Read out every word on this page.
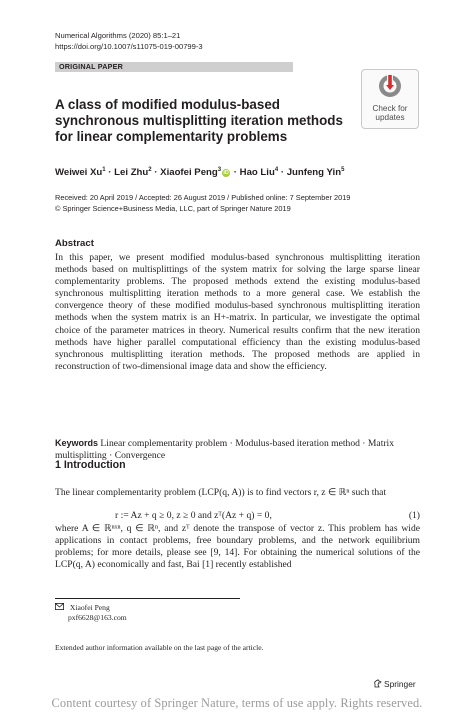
Numerical Algorithms (2020) 85:1–21
https://doi.org/10.1007/s11075-019-00799-3
ORIGINAL PAPER
Check for
updates
A class of modified modulus-based synchronous multisplitting iteration methods for linear complementarity problems
Weiwei $Xu^1$ · Lei Zhu$^2$ · Xiaofei Peng$^3$iD · Hao Liu$^4$ · Junfeng Yin$^5$
Received: 20 April 2019 / Accepted: 26 August 2019 / Published online: 7 September 2019
© Springer Science+Business Media, LLC, part of Springer Nature 2019
Abstract

In this paper, we present modified modulus-based synchronous multisplitting iteration methods based on multisplittings of the system matrix for solving the large sparse linear complementarity problems. The proposed methods extend the existing modulus-based synchronous multisplitting iteration methods to a more general case. We establish the convergence theory of these modified modulus-based synchronous multisplitting iteration methods when the system matrix is an H+-matrix. In particular, we investigate the optimal choice of the parameter matrices in theory. Numerical results confirm that the new iteration methods have higher parallel computational efficiency than the existing modulus-based synchronous multisplitting iteration methods. The proposed methods are applied in reconstruction of two-dimensional image data and show the efficiency.

Keywords Linear complementarity problem · Modulus-based iteration method · Matrix multisplitting · Convergence
1 Introduction

The linear complementarity problem (LCP(q, A)) is to find vectors r, z ∈ ℝⁿ such that

r := Az + q ≥ 0, z ≥ 0 and zᵀ(Az + q) = 0,	(1)

where A ∈ ℝⁿˣⁿ, q ∈ ℝⁿ, and zᵀ denote the transpose of vector z. This problem has wide applications in contact problems, free boundary problems, and the network equilibrium problems; for more details, please see [9, 14]. For obtaining the numerical solutions of the LCP(q, A) economically and fast, Bai [1] recently established

Xiaofei Peng
pxf6628@163.com
Extended author information available on the last page of the article.
Springer
Content courtesy of Springer Nature, terms of use apply. Rights reserved.
